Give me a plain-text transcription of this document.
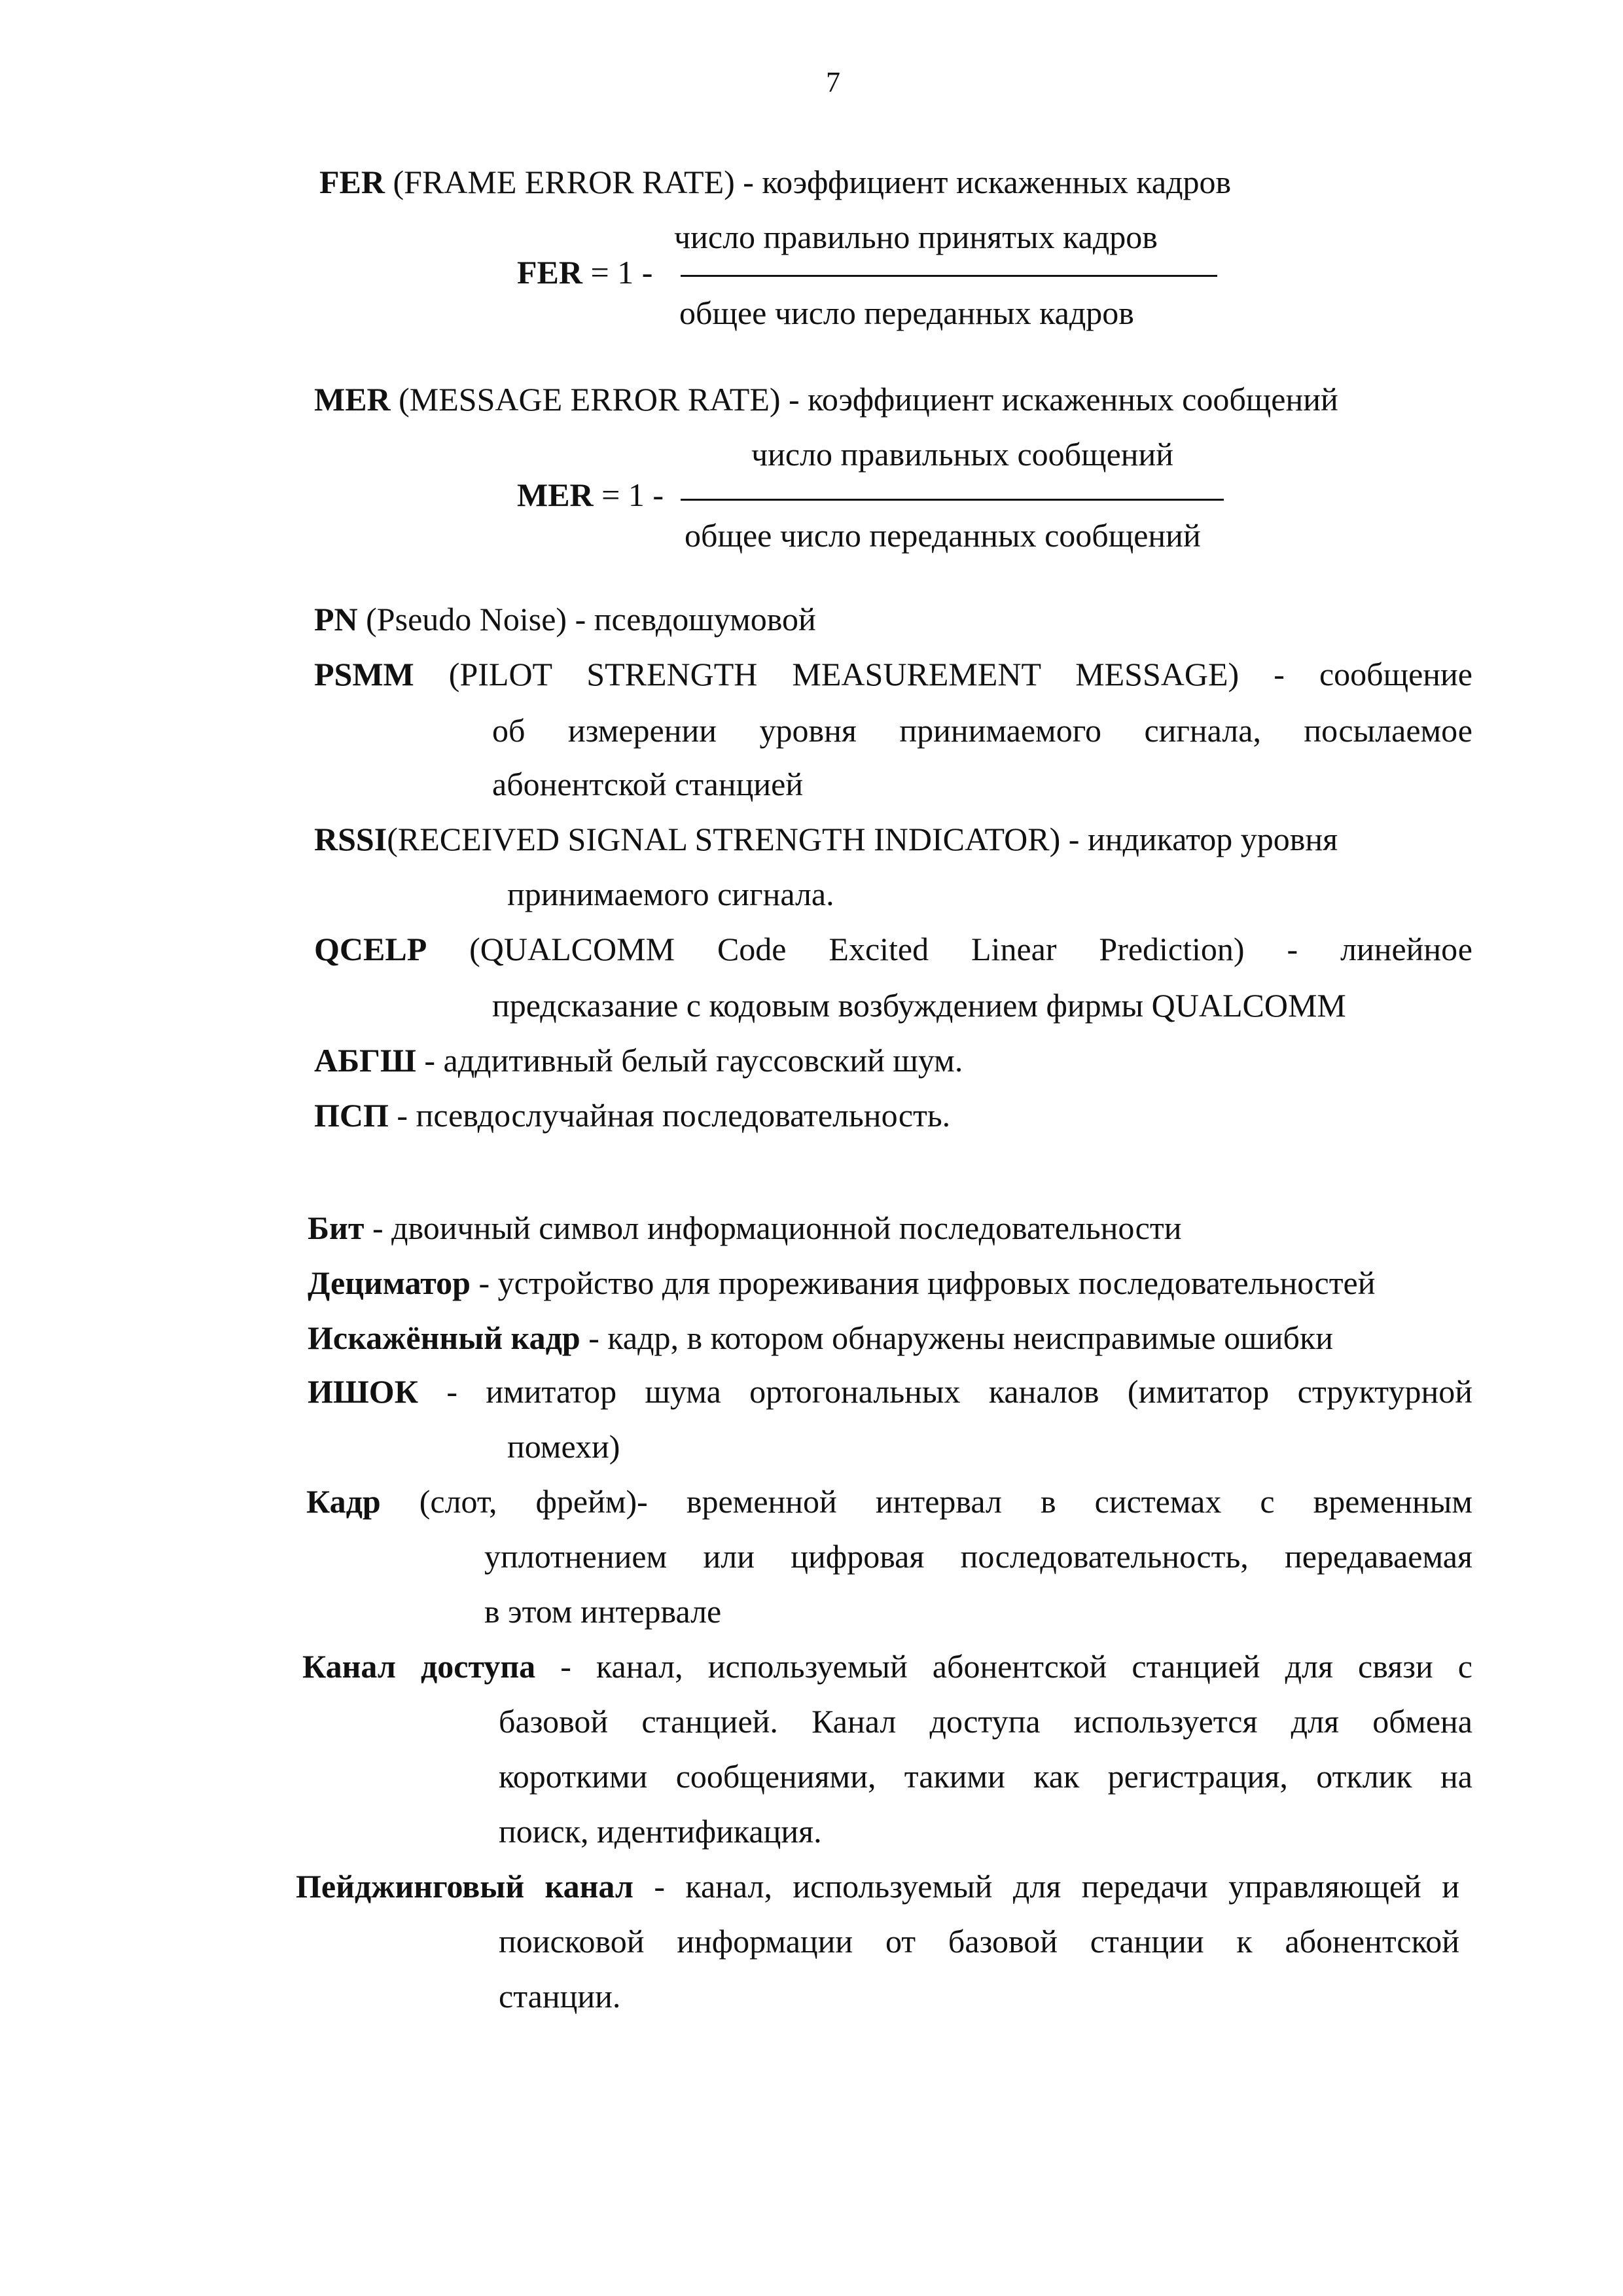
7
FER (FRAME ERROR RATE) - коэффициент искаженных кадров
число правильно принятых кадров
FER = 1 -
общее число переданных кадров
MER (MESSAGE ERROR RATE) - коэффициент искаженных сообщений
число правильных сообщений
MER = 1 -
общее число переданных сообщений
PN (Pseudo Noise) - псевдошумовой
PSMM (PILOT STRENGTH MEASUREMENT MESSAGE) - сообщение
об измерении уровня принимаемого сигнала, посылаемое
абонентской станцией
RSSI(RECEIVED SIGNAL STRENGTH INDICATOR) - индикатор уровня
принимаемого сигнала.
QCELP (QUALCOMM Code Excited Linear Prediction) - линейное
предсказание с кодовым возбуждением фирмы QUALCOMM
АБГШ - аддитивный белый гауссовский шум.
ПСП - псевдослучайная последовательность.
Бит - двоичный символ информационной последовательности
Дециматор - устройство для прореживания цифровых последовательностей
Искажённый кадр - кадр, в котором обнаружены неисправимые ошибки
ИШОК - имитатор шума ортогональных каналов (имитатор структурной
помехи)
Кадр (слот, фрейм)- временной интервал в системах с временным
уплотнением или цифровая последовательность, передаваемая
в этом интервале
Канал доступа - канал, используемый абонентской станцией для связи с
базовой станцией. Канал доступа используется для обмена
короткими сообщениями, такими как регистрация, отклик на
поиск, идентификация.
Пейджинговый канал - канал, используемый для передачи управляющей и
поисковой информации от базовой станции к абонентской
станции.
